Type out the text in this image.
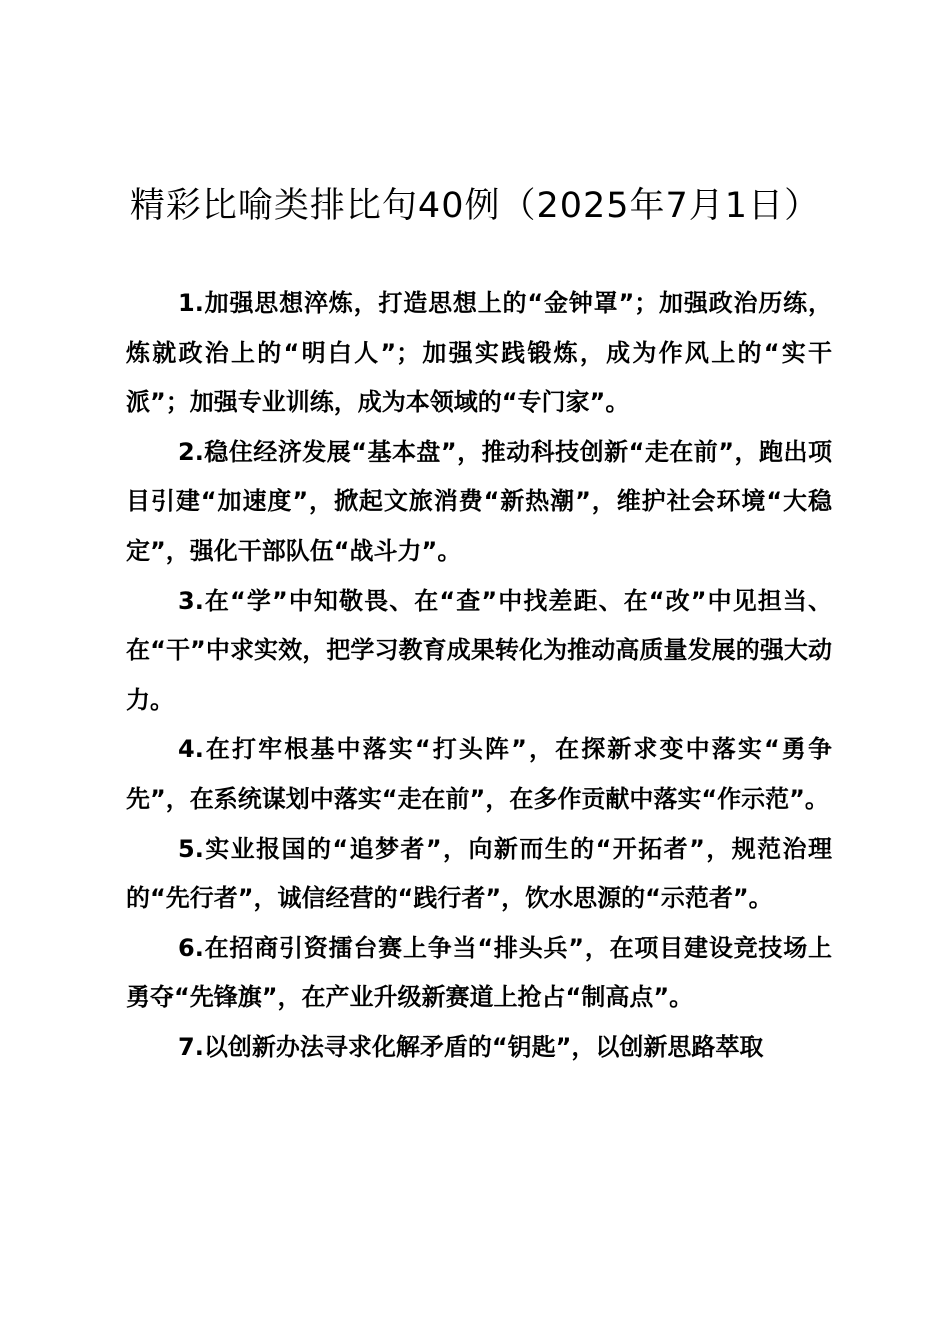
精彩比喻类排比句40例（2025年7月1日）

1.加强思想淬炼，打造思想上的“金钟罩”；加强政治历练，炼就政治上的“明白人”；加强实践锻炼，成为作风上的“实干派”；加强专业训练，成为本领域的“专门家”。

2.稳住经济发展“基本盘”，推动科技创新“走在前”，跑出项目引建“加速度”，掀起文旅消费“新热潮”，维护社会环境“大稳定”，强化干部队伍“战斗力”。

3.在“学”中知敬畏、在“查”中找差距、在“改”中见担当、在“干”中求实效，把学习教育成果转化为推动高质量发展的强大动力。

4.在打牢根基中落实“打头阵”，在探新求变中落实“勇争先”，在系统谋划中落实“走在前”，在多作贡献中落实“作示范”。

5.实业报国的“追梦者”，向新而生的“开拓者”，规范治理的“先行者”，诚信经营的“践行者”，饮水思源的“示范者”。

6.在招商引资擂台赛上争当“排头兵”，在项目建设竞技场上勇夺“先锋旗”，在产业升级新赛道上抢占“制高点”。

7.以创新办法寻求化解矛盾的“钥匙”，以创新思路萃取
